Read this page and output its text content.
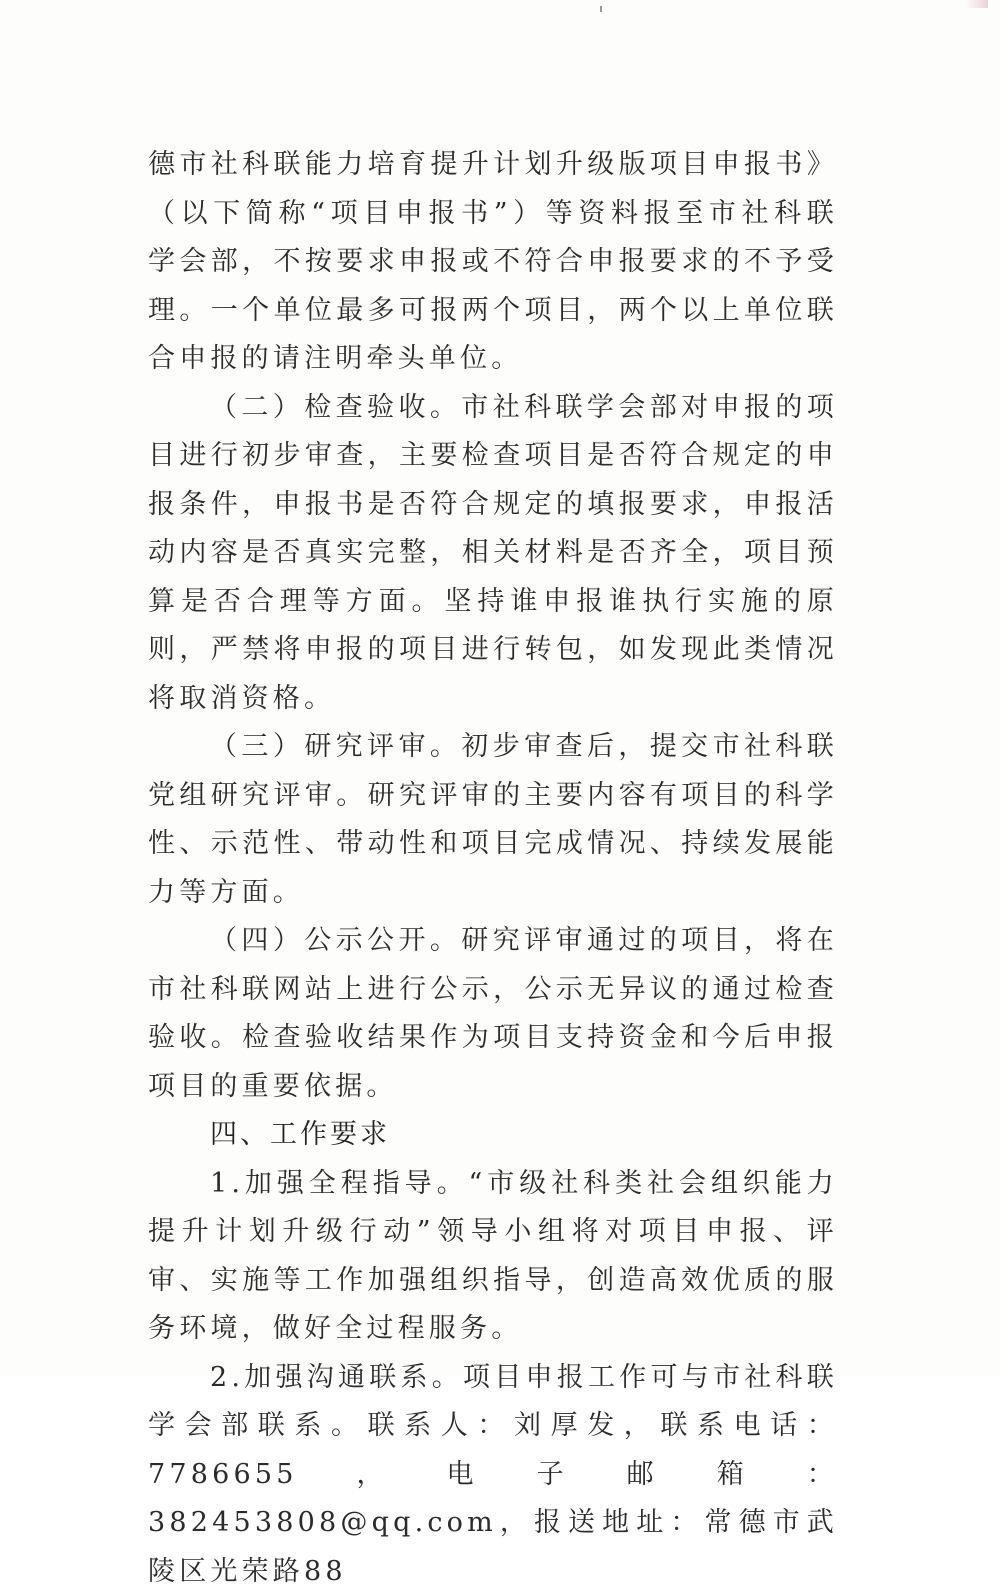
德市社科联能力培育提升计划升级版项目申报书》（以下简称“项目申报书”）等资料报至市社科联学会部，不按要求申报或不符合申报要求的不予受理。一个单位最多可报两个项目，两个以上单位联合申报的请注明牵头单位。

（二）检查验收。市社科联学会部对申报的项目进行初步审查，主要检查项目是否符合规定的申报条件，申报书是否符合规定的填报要求，申报活动内容是否真实完整，相关材料是否齐全，项目预算是否合理等方面。坚持谁申报谁执行实施的原则，严禁将申报的项目进行转包，如发现此类情况将取消资格。

（三）研究评审。初步审查后，提交市社科联党组研究评审。研究评审的主要内容有项目的科学性、示范性、带动性和项目完成情况、持续发展能力等方面。

（四）公示公开。研究评审通过的项目，将在市社科联网站上进行公示，公示无异议的通过检查验收。检查验收结果作为项目支持资金和今后申报项目的重要依据。

四、工作要求

1.加强全程指导。“市级社科类社会组织能力提升计划升级行动”领导小组将对项目申报、评审、实施等工作加强组织指导，创造高效优质的服务环境，做好全过程服务。

2.加强沟通联系。项目申报工作可与市社科联学会部联系。联系人：刘厚发，联系电话：7786655，电子邮箱：382453808@qq.com，报送地址：常德市武陵区光荣路88
